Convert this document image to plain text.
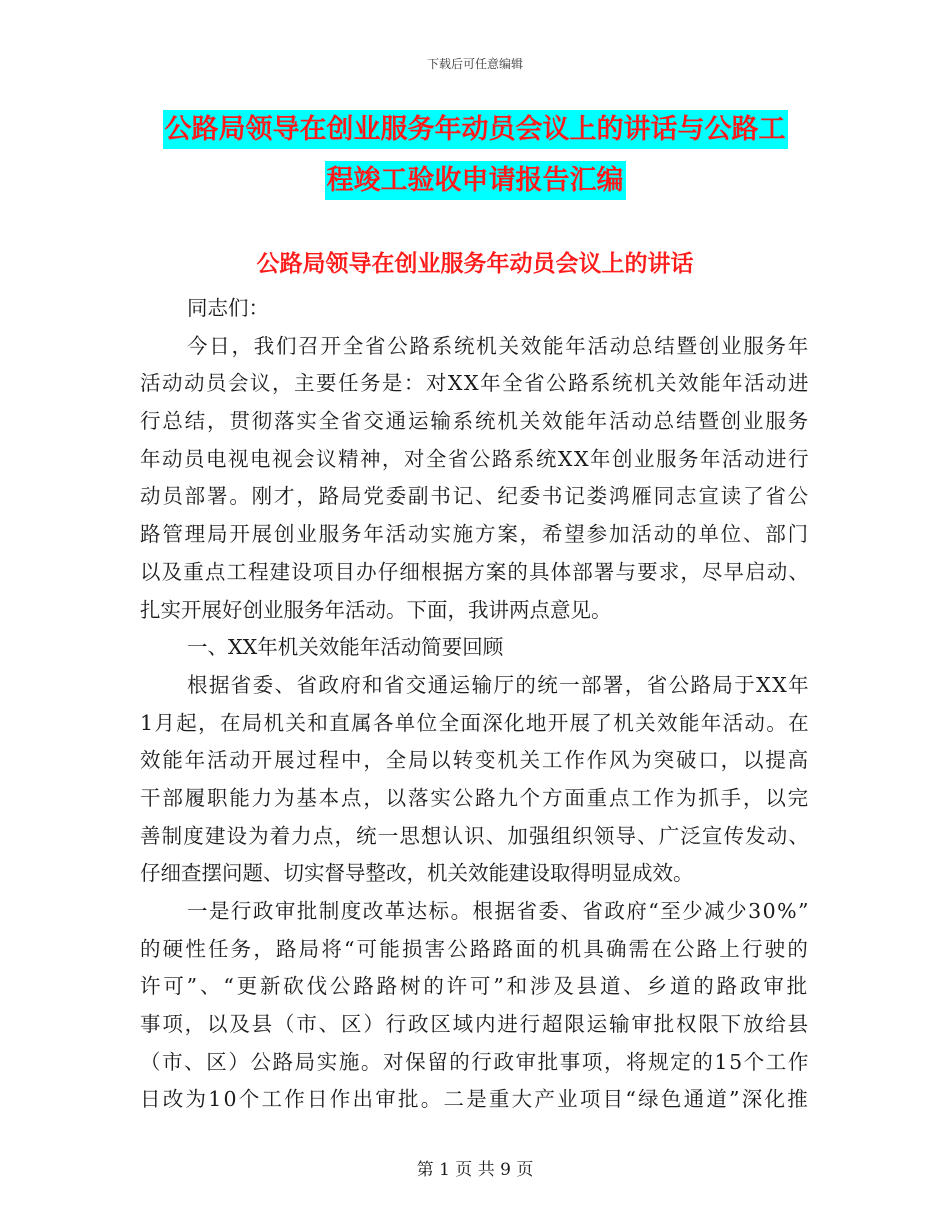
下载后可任意编辑
公路局领导在创业服务年动员会议上的讲话与公路工
程竣工验收申请报告汇编
公路局领导在创业服务年动员会议上的讲话
同志们：
今日，我们召开全省公路系统机关效能年活动总结暨创业服务年
活动动员会议，主要任务是：对XX年全省公路系统机关效能年活动进
行总结，贯彻落实全省交通运输系统机关效能年活动总结暨创业服务
年动员电视电视会议精神，对全省公路系统XX年创业服务年活动进行
动员部署。刚才，路局党委副书记、纪委书记娄鸿雁同志宣读了省公
路管理局开展创业服务年活动实施方案，希望参加活动的单位、部门
以及重点工程建设项目办仔细根据方案的具体部署与要求，尽早启动、
扎实开展好创业服务年活动。下面，我讲两点意见。
一、XX年机关效能年活动简要回顾
根据省委、省政府和省交通运输厅的统一部署，省公路局于XX年
1月起，在局机关和直属各单位全面深化地开展了机关效能年活动。在
效能年活动开展过程中，全局以转变机关工作作风为突破口，以提高
干部履职能力为基本点，以落实公路九个方面重点工作为抓手，以完
善制度建设为着力点，统一思想认识、加强组织领导、广泛宣传发动、
仔细查摆问题、切实督导整改，机关效能建设取得明显成效。
一是行政审批制度改革达标。根据省委、省政府“至少减少30%”
的硬性任务，路局将“可能损害公路路面的机具确需在公路上行驶的
许可”、“更新砍伐公路路树的许可”和涉及县道、乡道的路政审批
事项，以及县（市、区）行政区域内进行超限运输审批权限下放给县
（市、区）公路局实施。对保留的行政审批事项，将规定的15个工作
日改为10个工作日作出审批。二是重大产业项目“绿色通道”深化推
第 1 页 共 9 页
